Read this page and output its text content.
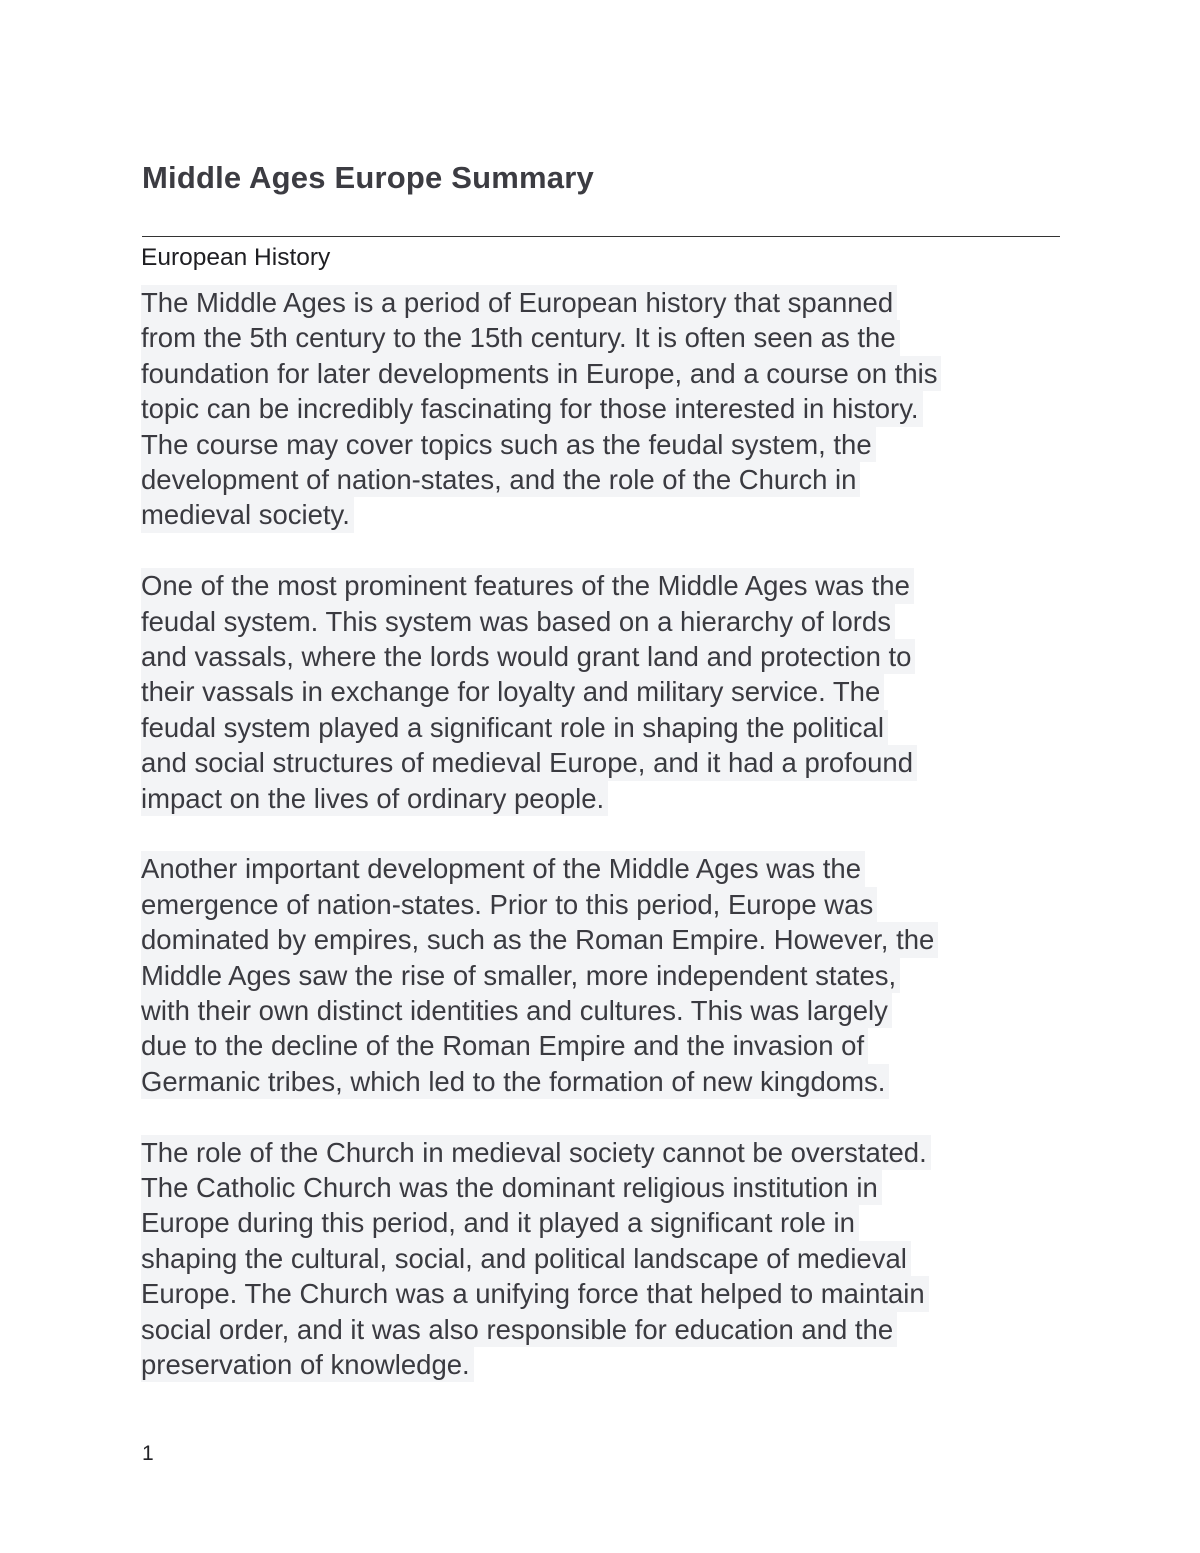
Middle Ages Europe Summary
European History
The Middle Ages is a period of European history that spanned
from the 5th century to the 15th century. It is often seen as the
foundation for later developments in Europe, and a course on this
topic can be incredibly fascinating for those interested in history.
The course may cover topics such as the feudal system, the
development of nation-states, and the role of the Church in
medieval society.
One of the most prominent features of the Middle Ages was the
feudal system. This system was based on a hierarchy of lords
and vassals, where the lords would grant land and protection to
their vassals in exchange for loyalty and military service. The
feudal system played a significant role in shaping the political
and social structures of medieval Europe, and it had a profound
impact on the lives of ordinary people.
Another important development of the Middle Ages was the
emergence of nation-states. Prior to this period, Europe was
dominated by empires, such as the Roman Empire. However, the
Middle Ages saw the rise of smaller, more independent states,
with their own distinct identities and cultures. This was largely
due to the decline of the Roman Empire and the invasion of
Germanic tribes, which led to the formation of new kingdoms.
The role of the Church in medieval society cannot be overstated.
The Catholic Church was the dominant religious institution in
Europe during this period, and it played a significant role in
shaping the cultural, social, and political landscape of medieval
Europe. The Church was a unifying force that helped to maintain
social order, and it was also responsible for education and the
preservation of knowledge.
1
